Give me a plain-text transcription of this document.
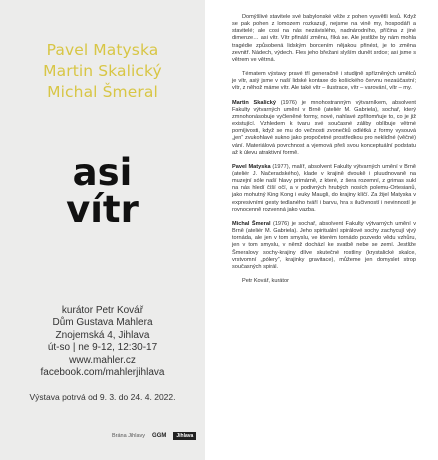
Pavel Matyska
Martin Skalický
Michal Šmeral
asi
vítr
kurátor Petr Kovář
Dům Gustava Mahlera
Znojemská 4, Jihlava
út-so | ne 9-12, 12:30-17
www.mahler.cz
facebook.com/mahlerjihlava
Výstava potrvá od 9. 3. do 24. 4. 2022.
Brána Jihlavy GGM	Jihlava

Domýšlivé stavitele své babylonské věže z pohen vysvětli lesů. Když se pak pohen z lomozem rozkazují, nejsme na vině my, hospodáři a stavitelé; ale cosi na nás nezávislého, nadnárodního, příčina z jiné dimenze… asi vítr. Vítr přináší změnu, říká se. Ale jestliže by nám mohla tragédie způsobená lidským borcením nějakou přinést, je to změna zevnitř. Nádech, výdech. Fles jeho břežani slyším dunět srdce; asi jsme s větrem ve větrná.

Tématem výstavy pravé tří generačně i studijně spřízněných umělců je vítr, asiý jsme v naší lidské kontaxe do košického červnu nezaúčastní; vítr, z něhož máme vítr. Ale také vítr – ilustrace, vítr – varování, vítr – my.

Martin Skalický (1976) je mnohostranným výtvarníkem, absolvent Fakulty výtvarných umění v Brně (ateliér M. Gabriela), sochař, který zmnohonásobuje vyčleněné formy, nové, nahlavé zpřítomňuje to, co je již existující. Vzhledem k tvaru své současné záliby oblíbuje větrné pomíjivosti, když se mu do večnosti zvonečků odlétká z formy vysouvá „jen“ zvukohlavé sukno jako propočetné prostředkou pro nekliďné (věčné) vání. Materiálová povrchnost a vjemová přeš svou konceptuální podstatu až k úlevu atraktivní formě.

Pavel Matyska (1977), malíř, absolvent Fakulty výtvarných umění v Brně (ateliér J. Načeradského), klade v krajině dvoukě i pluudnovaně na muzejní sóle naší hlavy primárně, z které, z šera rozemní, z grimas sukl na nás hledí číší očí, a v podivných hrubých nosích polemu-Ortesianů, jako mohutný King Kong i euky Maugli, do krajiny klíčí. Za žijel Matyska v expresivními gesty tedlaného tváří i barvu, hra s ilučivností i nevinností je rovnocenně rozvenná jako vazba.

Michal Šmeral (1976) je sochař, absolvent Fakulty výtvarných umění v Brně (ateliér M. Gabriela). Jeho spirituální spirálové sochy zachycují vjvý tornáda, ale jen v tom smyslu, ve kterém tornádo pozvedo vědu vzhůru, jen v tom smyslu, v němž dochází ke svatbě nebe se zemí. Jestliže Šmeralovy sochy-krajiny dlíve skutečné rostliny (krystalické skalce, vrstvomní „pólery“, krajinky gravitace), můžeme jen domyslet strop současných spirál.

Petr Kovář, kurátor
